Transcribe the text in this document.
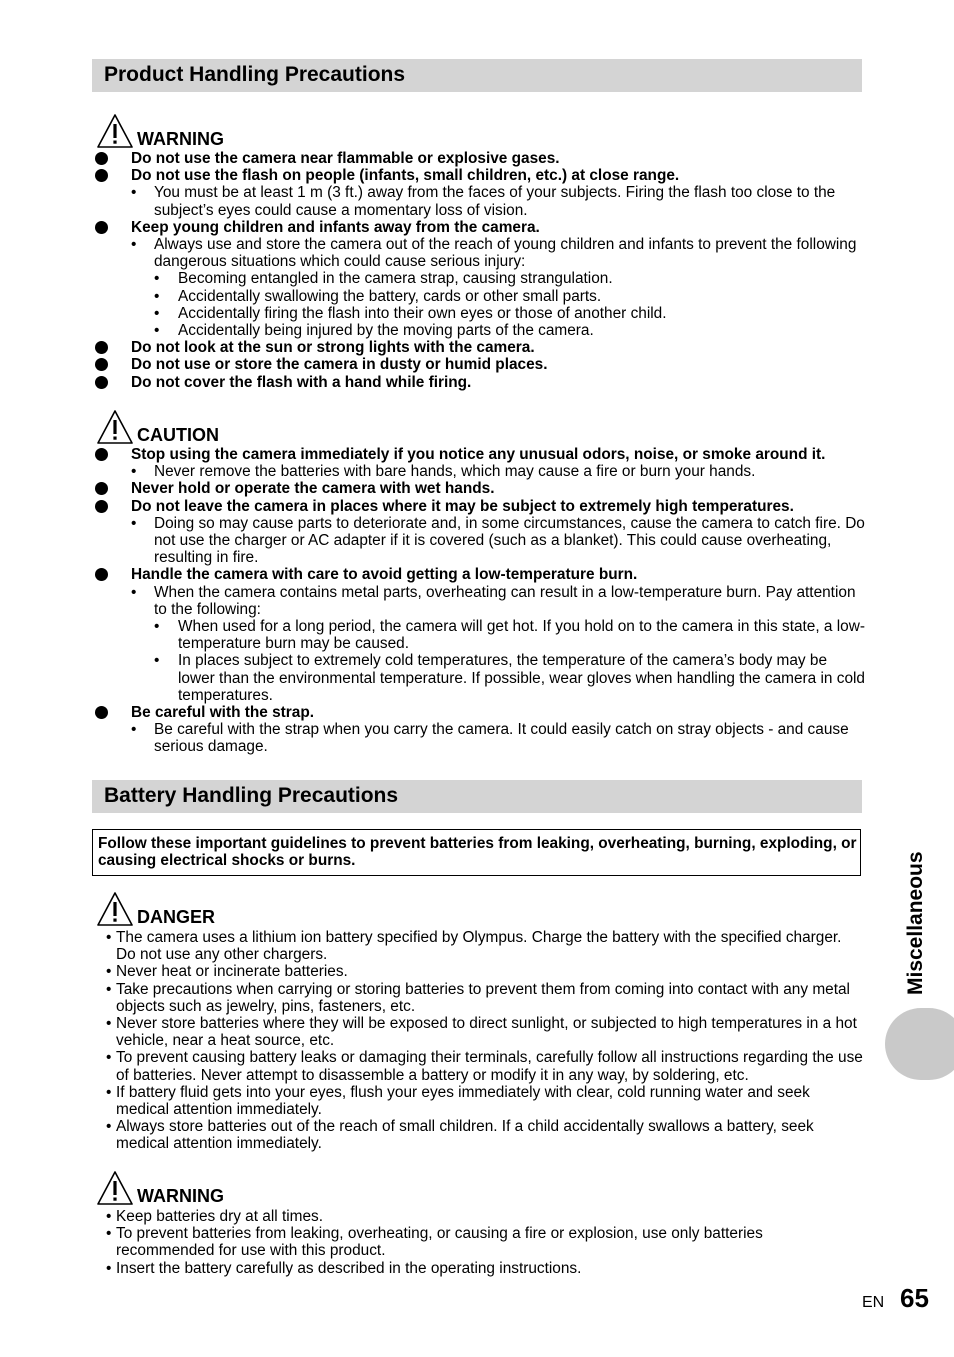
Product Handling Precautions
WARNING
Do not use the camera near flammable or explosive gases.
Do not use the flash on people (infants, small children, etc.) at close range.
• You must be at least 1 m (3 ft.) away from the faces of your subjects. Firing the flash too close to the subject’s eyes could cause a momentary loss of vision.
Keep young children and infants away from the camera.
• Always use and store the camera out of the reach of young children and infants to prevent the following dangerous situations which could cause serious injury:
• Becoming entangled in the camera strap, causing strangulation.
• Accidentally swallowing the battery, cards or other small parts.
• Accidentally firing the flash into their own eyes or those of another child.
• Accidentally being injured by the moving parts of the camera.
Do not look at the sun or strong lights with the camera.
Do not use or store the camera in dusty or humid places.
Do not cover the flash with a hand while firing.
CAUTION
Stop using the camera immediately if you notice any unusual odors, noise, or smoke around it.
• Never remove the batteries with bare hands, which may cause a fire or burn your hands.
Never hold or operate the camera with wet hands.
Do not leave the camera in places where it may be subject to extremely high temperatures.
• Doing so may cause parts to deteriorate and, in some circumstances, cause the camera to catch fire. Do not use the charger or AC adapter if it is covered (such as a blanket). This could cause overheating, resulting in fire.
Handle the camera with care to avoid getting a low-temperature burn.
• When the camera contains metal parts, overheating can result in a low-temperature burn. Pay attention to the following:
• When used for a long period, the camera will get hot. If you hold on to the camera in this state, a low-temperature burn may be caused.
• In places subject to extremely cold temperatures, the temperature of the camera’s body may be lower than the environmental temperature. If possible, wear gloves when handling the camera in cold temperatures.
Be careful with the strap.
• Be careful with the strap when you carry the camera. It could easily catch on stray objects - and cause serious damage.
Battery Handling Precautions
Follow these important guidelines to prevent batteries from leaking, overheating, burning, exploding, or causing electrical shocks or burns.
DANGER
• The camera uses a lithium ion battery specified by Olympus. Charge the battery with the specified charger. Do not use any other chargers.
• Never heat or incinerate batteries.
• Take precautions when carrying or storing batteries to prevent them from coming into contact with any metal objects such as jewelry, pins, fasteners, etc.
• Never store batteries where they will be exposed to direct sunlight, or subjected to high temperatures in a hot vehicle, near a heat source, etc.
• To prevent causing battery leaks or damaging their terminals, carefully follow all instructions regarding the use of batteries. Never attempt to disassemble a battery or modify it in any way, by soldering, etc.
• If battery fluid gets into your eyes, flush your eyes immediately with clear, cold running water and seek medical attention immediately.
• Always store batteries out of the reach of small children. If a child accidentally swallows a battery, seek medical attention immediately.
WARNING
• Keep batteries dry at all times.
• To prevent batteries from leaking, overheating, or causing a fire or explosion, use only batteries recommended for use with this product.
• Insert the battery carefully as described in the operating instructions.
Miscellaneous
EN 65
